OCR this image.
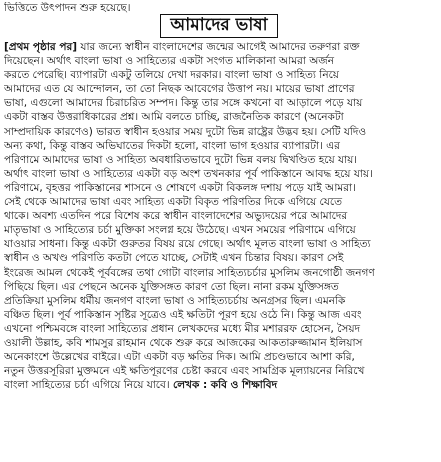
ভিত্তিতে উৎপাদন শুরু হয়েছে।
আমাদের ভাষা
[প্রথম পৃষ্ঠার পর] যার জন্যে স্বাধীন বাংলাদেশের জন্মের আগেই আমাদের তরুণরা রক্ত
দিয়েছেন। অর্থাৎ বাংলা ভাষা ও সাহিত্যের একটা সংগত মালিকানা আমরা অর্জন
করতে পেরেছি। ব্যাপারটা একটু তলিয়ে দেখা দরকার। বাংলা ভাষা ও সাহিত্য নিয়ে
আমাদের এত যে আন্দোলন, তা তো নিছক আবেগের উত্তাপ নয়। মায়ের ভাষা প্রাণের
ভাষা, এগুলো আমাদের চিরাচরিত সম্পদ। কিন্তু তার সঙ্গে কখনো বা আড়ালে পড়ে যায়
একটা বাস্তব উত্তরাধিকারের প্রশ্ন। আমি বলতে চাচ্ছি, রাজনৈতিক কারণে (অনেকটা
সাম্প্রদায়িক কারণেও) ভারত স্বাধীন হওয়ার সময় দুটো ভিন্ন রাষ্ট্রের উদ্ভব হয়। সেটি যদিও
অন্য কথা, কিন্তু বাস্তব অভিঘাতের দিকটা হলো, বাংলা ভাগ হওয়ার ব্যাপারটা। এর
পরিণামে আমাদের ভাষা ও সাহিত্য অবধারিতভাবে দুটো ভিন্ন বলয় দ্বিখণ্ডিত হয়ে যায়।
অর্থাৎ বাংলা ভাষা ও সাহিত্যের একটা বড় অংশ তখনকার পূর্ব পাকিস্তানে আবদ্ধ হয়ে যায়।
পরিণামে, বৃহত্তর পাকিস্তানের শাসনে ও শোষণে একটা বিকলঙ্গ দশায় পড়ে যাই আমরা।
সেই থেকে আমাদের ভাষা এবং সাহিত্য একটা বিকৃত পরিণতির দিকে এগিয়ে যেতে
থাকে। অবশ্য এতদিন পরে বিশেষ করে স্বাধীন বাংলাদেশের অভ্যুদয়ের পরে আমাদের
মাতৃভাষা ও সাহিত্যের চর্চা মুক্তিকা সংলগ্ন হয়ে উঠেছে। এখন সময়ের পরিণামে এগিয়ে
যাওয়ার সাধনা। কিন্তু একটা গুরুতর বিষয় রয়ে গেছে। অর্থাৎ মূলত বাংলা ভাষা ও সাহিত্য
স্বাধীন ও অখণ্ড পরিণতি কতটা পেতে যাচ্ছে, সেটাই এখন চিন্তার বিষয়। কারণ সেই
ইংরেজ আমল থেকেই পূর্ববঙ্গের তথা গোটা বাংলার সাহিত্যচর্চার মুসলিম জনগোষ্ঠী জনগণ
পিছিয়ে ছিল। এর পেছনে অনেক যুক্তিসঙ্গত কারণ তো ছিল। নানা রকম যুক্তিসঙ্গত
প্রতিক্রিয়া মুসলিম ধর্মীয় জনগণ বাংলা ভাষা ও সাহিত্যচর্চায় অনগ্রসর ছিল। এমনকি
বঞ্চিত ছিল। পূর্ব পাকিস্তান সৃষ্টির সূত্রেও এই ক্ষতিটা পূরণ হয়ে ওঠে নি। কিন্তু আজ এবং
এখনো পশ্চিমবঙ্গে বাংলা সাহিত্যের প্রধান লেখকদের মধ্যে মীর মশাররফ হোসেন, সৈয়দ
ওয়ালী উল্লাহ, কবি শামসুর রাহমান থেকে শুরু করে আজকের আকতারুজ্জামান ইলিয়াস
অনেকাংশে উল্লেখের বাইরে। এটা একটা বড় ক্ষতির দিক। আমি প্রচণ্ডভাবে আশা করি,
নতুন উত্তরসূরিরা মুক্তমনে এই ক্ষতিপূরণের চেষ্টা করবে এবং সামগ্রিক মূল্যায়নের নিরিখে
বাংলা সাহিত্যের চর্চা এগিয়ে নিয়ে যাবে। লেখক : কবি ও শিক্ষাবিদ
